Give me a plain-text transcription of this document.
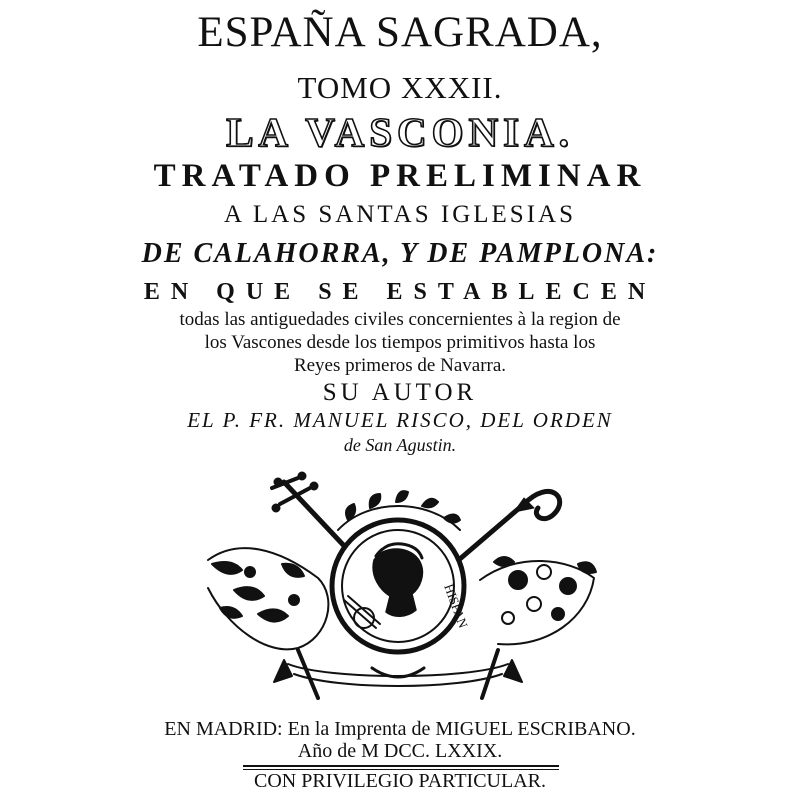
ESPAÑA SAGRADA,
TOMO XXXII.
LA VASCONIA.
TRATADO PRELIMINAR
A LAS SANTAS IGLESIAS
DE CALAHORRA, Y DE PAMPLONA:
EN QUE SE ESTABLECEN
todas las antiguedades civiles concernientes à la region de
los Vascones desde los tiempos primitivos hasta los
Reyes primeros de Navarra.
SU AUTOR
EL P. FR. MANUEL RISCO, DEL ORDEN
de San Agustin.
HISPAN
EN MADRID: En la Imprenta de MIGUEL ESCRIBANO.
Año de M DCC. LXXIX.
CON PRIVILEGIO PARTICULAR.
